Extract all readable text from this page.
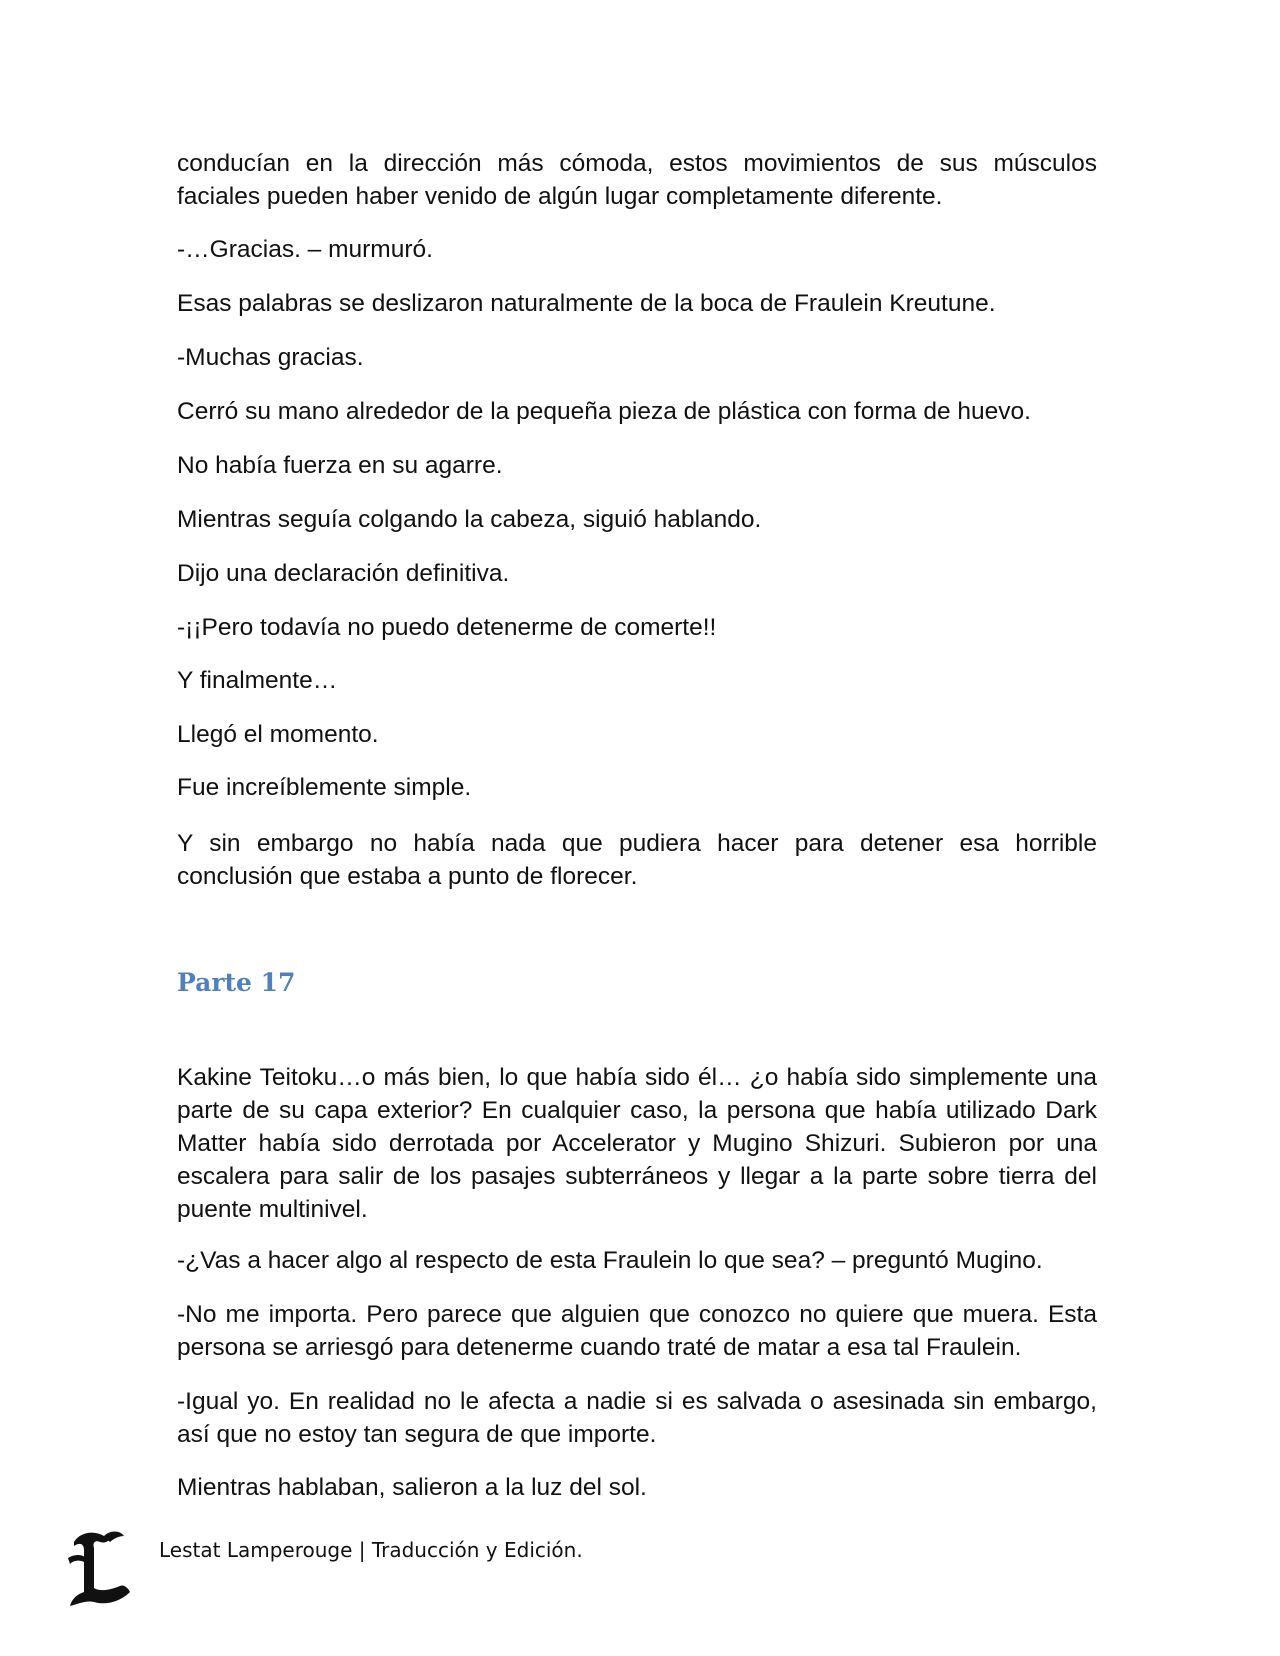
conducían en la dirección más cómoda, estos movimientos de sus músculos faciales pueden haber venido de algún lugar completamente diferente.

-…Gracias. – murmuró.

Esas palabras se deslizaron naturalmente de la boca de Fraulein Kreutune.

-Muchas gracias.

Cerró su mano alrededor de la pequeña pieza de plástica con forma de huevo.

No había fuerza en su agarre.

Mientras seguía colgando la cabeza, siguió hablando.

Dijo una declaración definitiva.

-¡¡Pero todavía no puedo detenerme de comerte!!

Y finalmente…

Llegó el momento.

Fue increíblemente simple.

Y sin embargo no había nada que pudiera hacer para detener esa horrible conclusión que estaba a punto de florecer.

Parte 17

Kakine Teitoku…o más bien, lo que había sido él… ¿o había sido simplemente una parte de su capa exterior? En cualquier caso, la persona que había utilizado Dark Matter había sido derrotada por Accelerator y Mugino Shizuri. Subieron por una escalera para salir de los pasajes subterráneos y llegar a la parte sobre tierra del puente multinivel.

-¿Vas a hacer algo al respecto de esta Fraulein lo que sea? – preguntó Mugino.

-No me importa. Pero parece que alguien que conozco no quiere que muera. Esta persona se arriesgó para detenerme cuando traté de matar a esa tal Fraulein.

-Igual yo. En realidad no le afecta a nadie si es salvada o asesinada sin embargo, así que no estoy tan segura de que importe.

Mientras hablaban, salieron a la luz del sol.

Lestat Lamperouge | Traducción y Edición.
